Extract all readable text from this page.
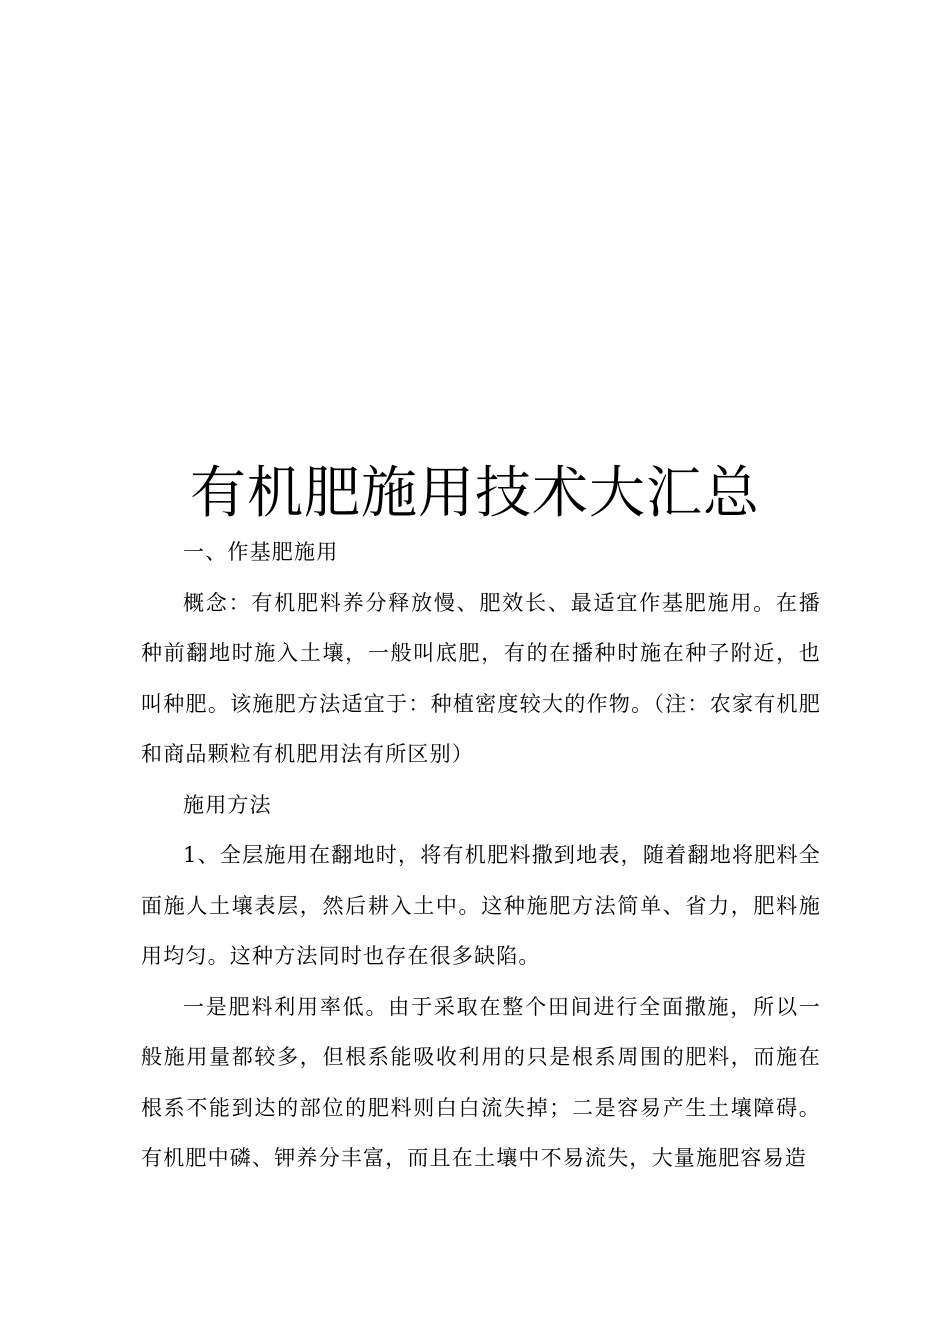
有机肥施用技术大汇总

一、作基肥施用

概念：有机肥料养分释放慢、肥效长、最适宜作基肥施用。在播种前翻地时施入土壤，一般叫底肥，有的在播种时施在种子附近，也叫种肥。该施肥方法适宜于：种植密度较大的作物。（注：农家有机肥和商品颗粒有机肥用法有所区别）

施用方法

1、全层施用在翻地时，将有机肥料撒到地表，随着翻地将肥料全面施人土壤表层，然后耕入土中。这种施肥方法简单、省力，肥料施用均匀。这种方法同时也存在很多缺陷。

一是肥料利用率低。由于采取在整个田间进行全面撒施，所以一般施用量都较多，但根系能吸收利用的只是根系周围的肥料，而施在根系不能到达的部位的肥料则白白流失掉；二是容易产生土壤障碍。有机肥中磷、钾养分丰富，而且在土壤中不易流失，大量施肥容易造
